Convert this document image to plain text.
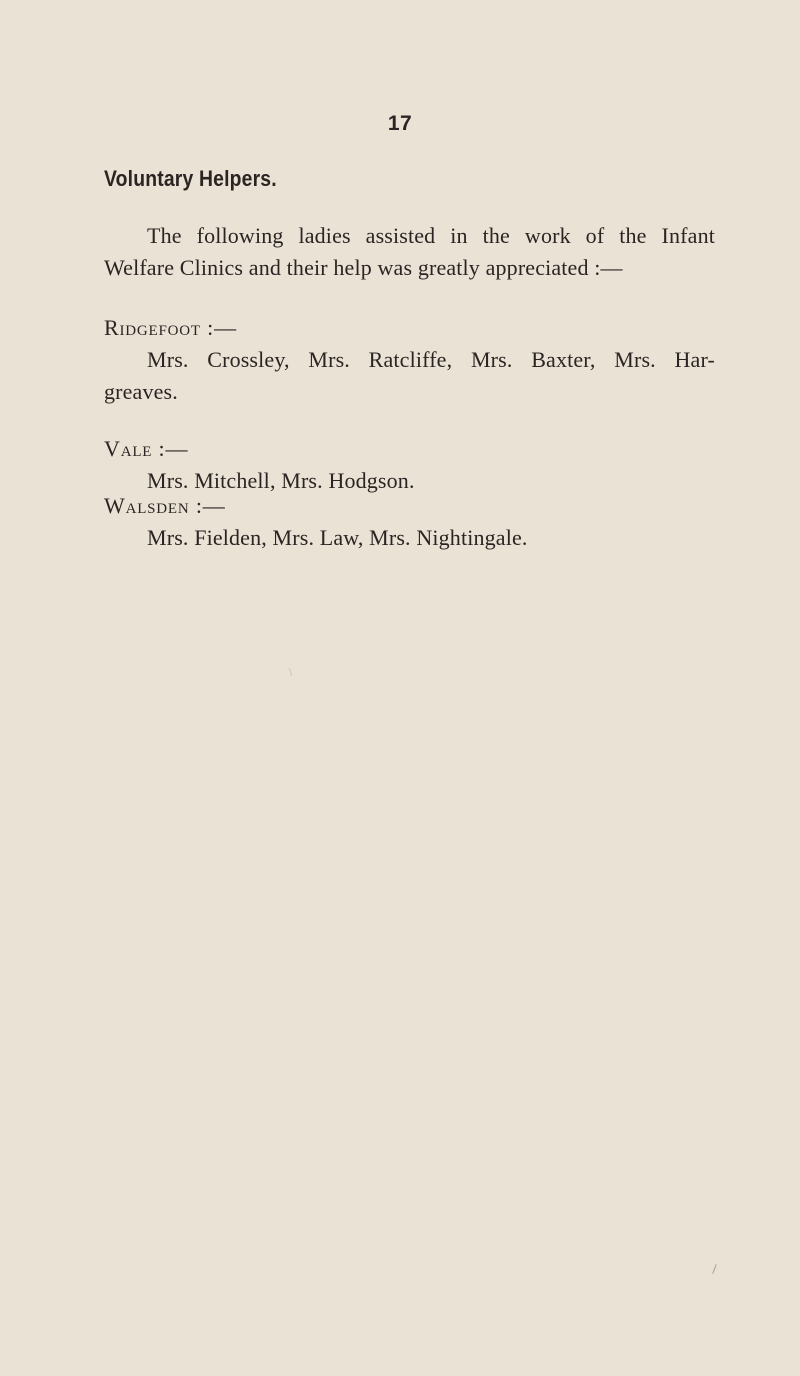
17
Voluntary Helpers.

The following ladies assisted in the work of the Infant

Welfare Clinics and their help was greatly appreciated :—

Ridgefoot :—

Mrs. Crossley, Mrs. Ratcliffe, Mrs. Baxter, Mrs. Har-

greaves.

Vale :—

Mrs. Mitchell, Mrs. Hodgson.

Walsden :—

Mrs. Fielden, Mrs. Law, Mrs. Nightingale.
